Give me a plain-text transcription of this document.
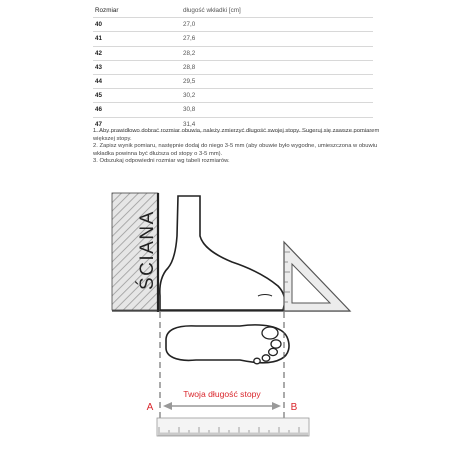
Rozmiar	długość wkładki [cm]
40	27,0
41	27,6
42	28,2
43	28,8
44	29,5
45	30,2
46	30,8
47	31,4

1. Aby prawidłowo dobrać rozmiar obuwia, należy zmierzyć długość swojej stopy. Sugeruj się zawsze pomiarem większej stopy.

2. Zapisz wynik pomiaru, następnie dodaj do niego 3-5 mm (aby obuwie było wygodne, umieszczona w obuwiu wkładka powinna być dłuższa od stopy o 3-5 mm).

3. Odszukaj odpowiedni rozmiar wg tabeli rozmiarów.

ŚCIANA
Twoja długość stopy
A	B
